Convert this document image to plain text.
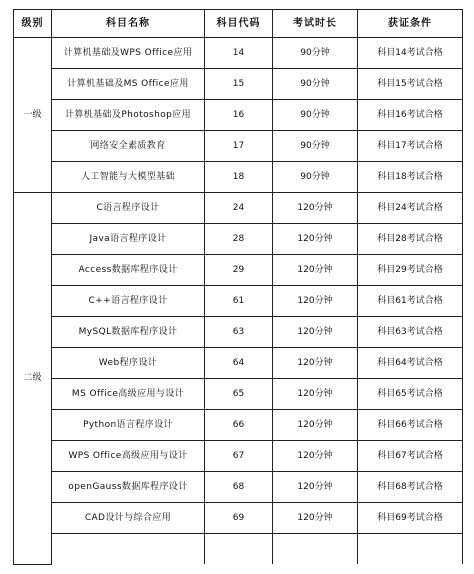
级别	科目名称	科目代码	考试时长	获证条件
一级	计算机基础及WPS Office应用	14	90分钟	科目14考试合格
	计算机基础及MS Office应用	15	90分钟	科目15考试合格
	计算机基础及Photoshop应用	16	90分钟	科目16考试合格
	网络安全素质教育	17	90分钟	科目17考试合格
	人工智能与大模型基础	18	90分钟	科目18考试合格
二级	C语言程序设计	24	120分钟	科目24考试合格
	Java语言程序设计	28	120分钟	科目28考试合格
	Access数据库程序设计	29	120分钟	科目29考试合格
	C++语言程序设计	61	120分钟	科目61考试合格
	MySQL数据库程序设计	63	120分钟	科目63考试合格
	Web程序设计	64	120分钟	科目64考试合格
	MS Office高级应用与设计	65	120分钟	科目65考试合格
	Python语言程序设计	66	120分钟	科目66考试合格
	WPS Office高级应用与设计	67	120分钟	科目67考试合格
	openGauss数据库程序设计	68	120分钟	科目68考试合格
	CAD设计与综合应用	69	120分钟	科目69考试合格
